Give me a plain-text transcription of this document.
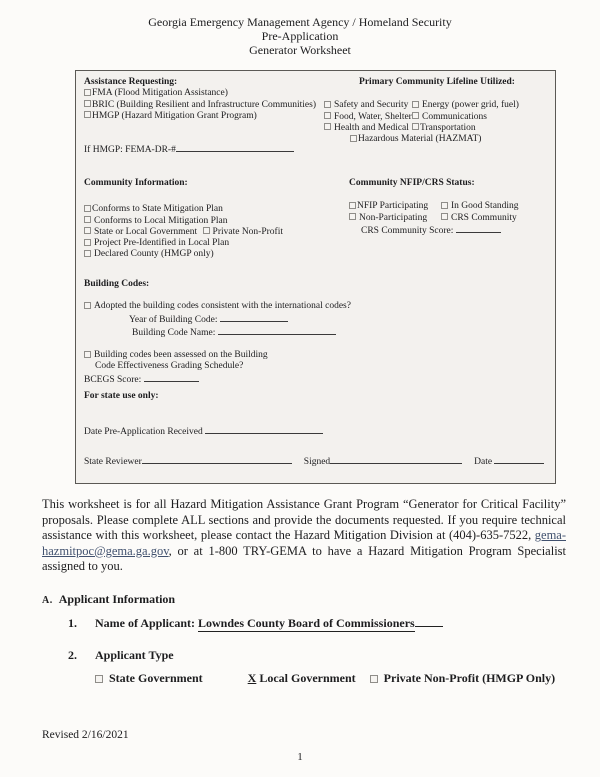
Georgia Emergency Management Agency / Homeland Security
Pre-Application
Generator Worksheet
Assistance Requesting:
FMA (Flood Mitigation Assistance)
BRIC (Building Resilient and Infrastructure Communities)
HMGP (Hazard Mitigation Grant Program)
If HMGP: FEMA-DR-#
Primary Community Lifeline Utilized:
Safety and Security Energy (power grid, fuel)
Food, Water, Shelter Communications
Health and Medical Transportation
Hazardous Material (HAZMAT)
Community Information:
Conforms to State Mitigation Plan
Conforms to Local Mitigation Plan
State or Local Government Private Non-Profit
Project Pre-Identified in Local Plan
Declared County (HMGP only)
Community NFIP/CRS Status:
NFIP Participating In Good Standing
Non-Participating	CRS Community
CRS Community Score:
Building Codes:
Adopted the building codes consistent with the international codes?
Year of Building Code:
Building Code Name:
Building codes been assessed on the Building
Code Effectiveness Grading Schedule?
BCEGS Score:
For state use only:
Date Pre-Application Received
State Reviewer	Signed	Date

This worksheet is for all Hazard Mitigation Assistance Grant Program “Generator for Critical Facility” proposals. Please complete ALL sections and provide the documents requested. If you require technical assistance with this worksheet, please contact the Hazard Mitigation Division at (404)-635-7522, gema-hazmitpoc@gema.ga.gov, or at 1-800 TRY-GEMA to have a Hazard Mitigation Program Specialist assigned to you.

A. Applicant Information
1. Name of Applicant: Lowndes County Board of Commissioners
2. Applicant Type

State Government	X Local Government Private Non-Profit (HMGP Only)

Revised 2/16/2021
1
